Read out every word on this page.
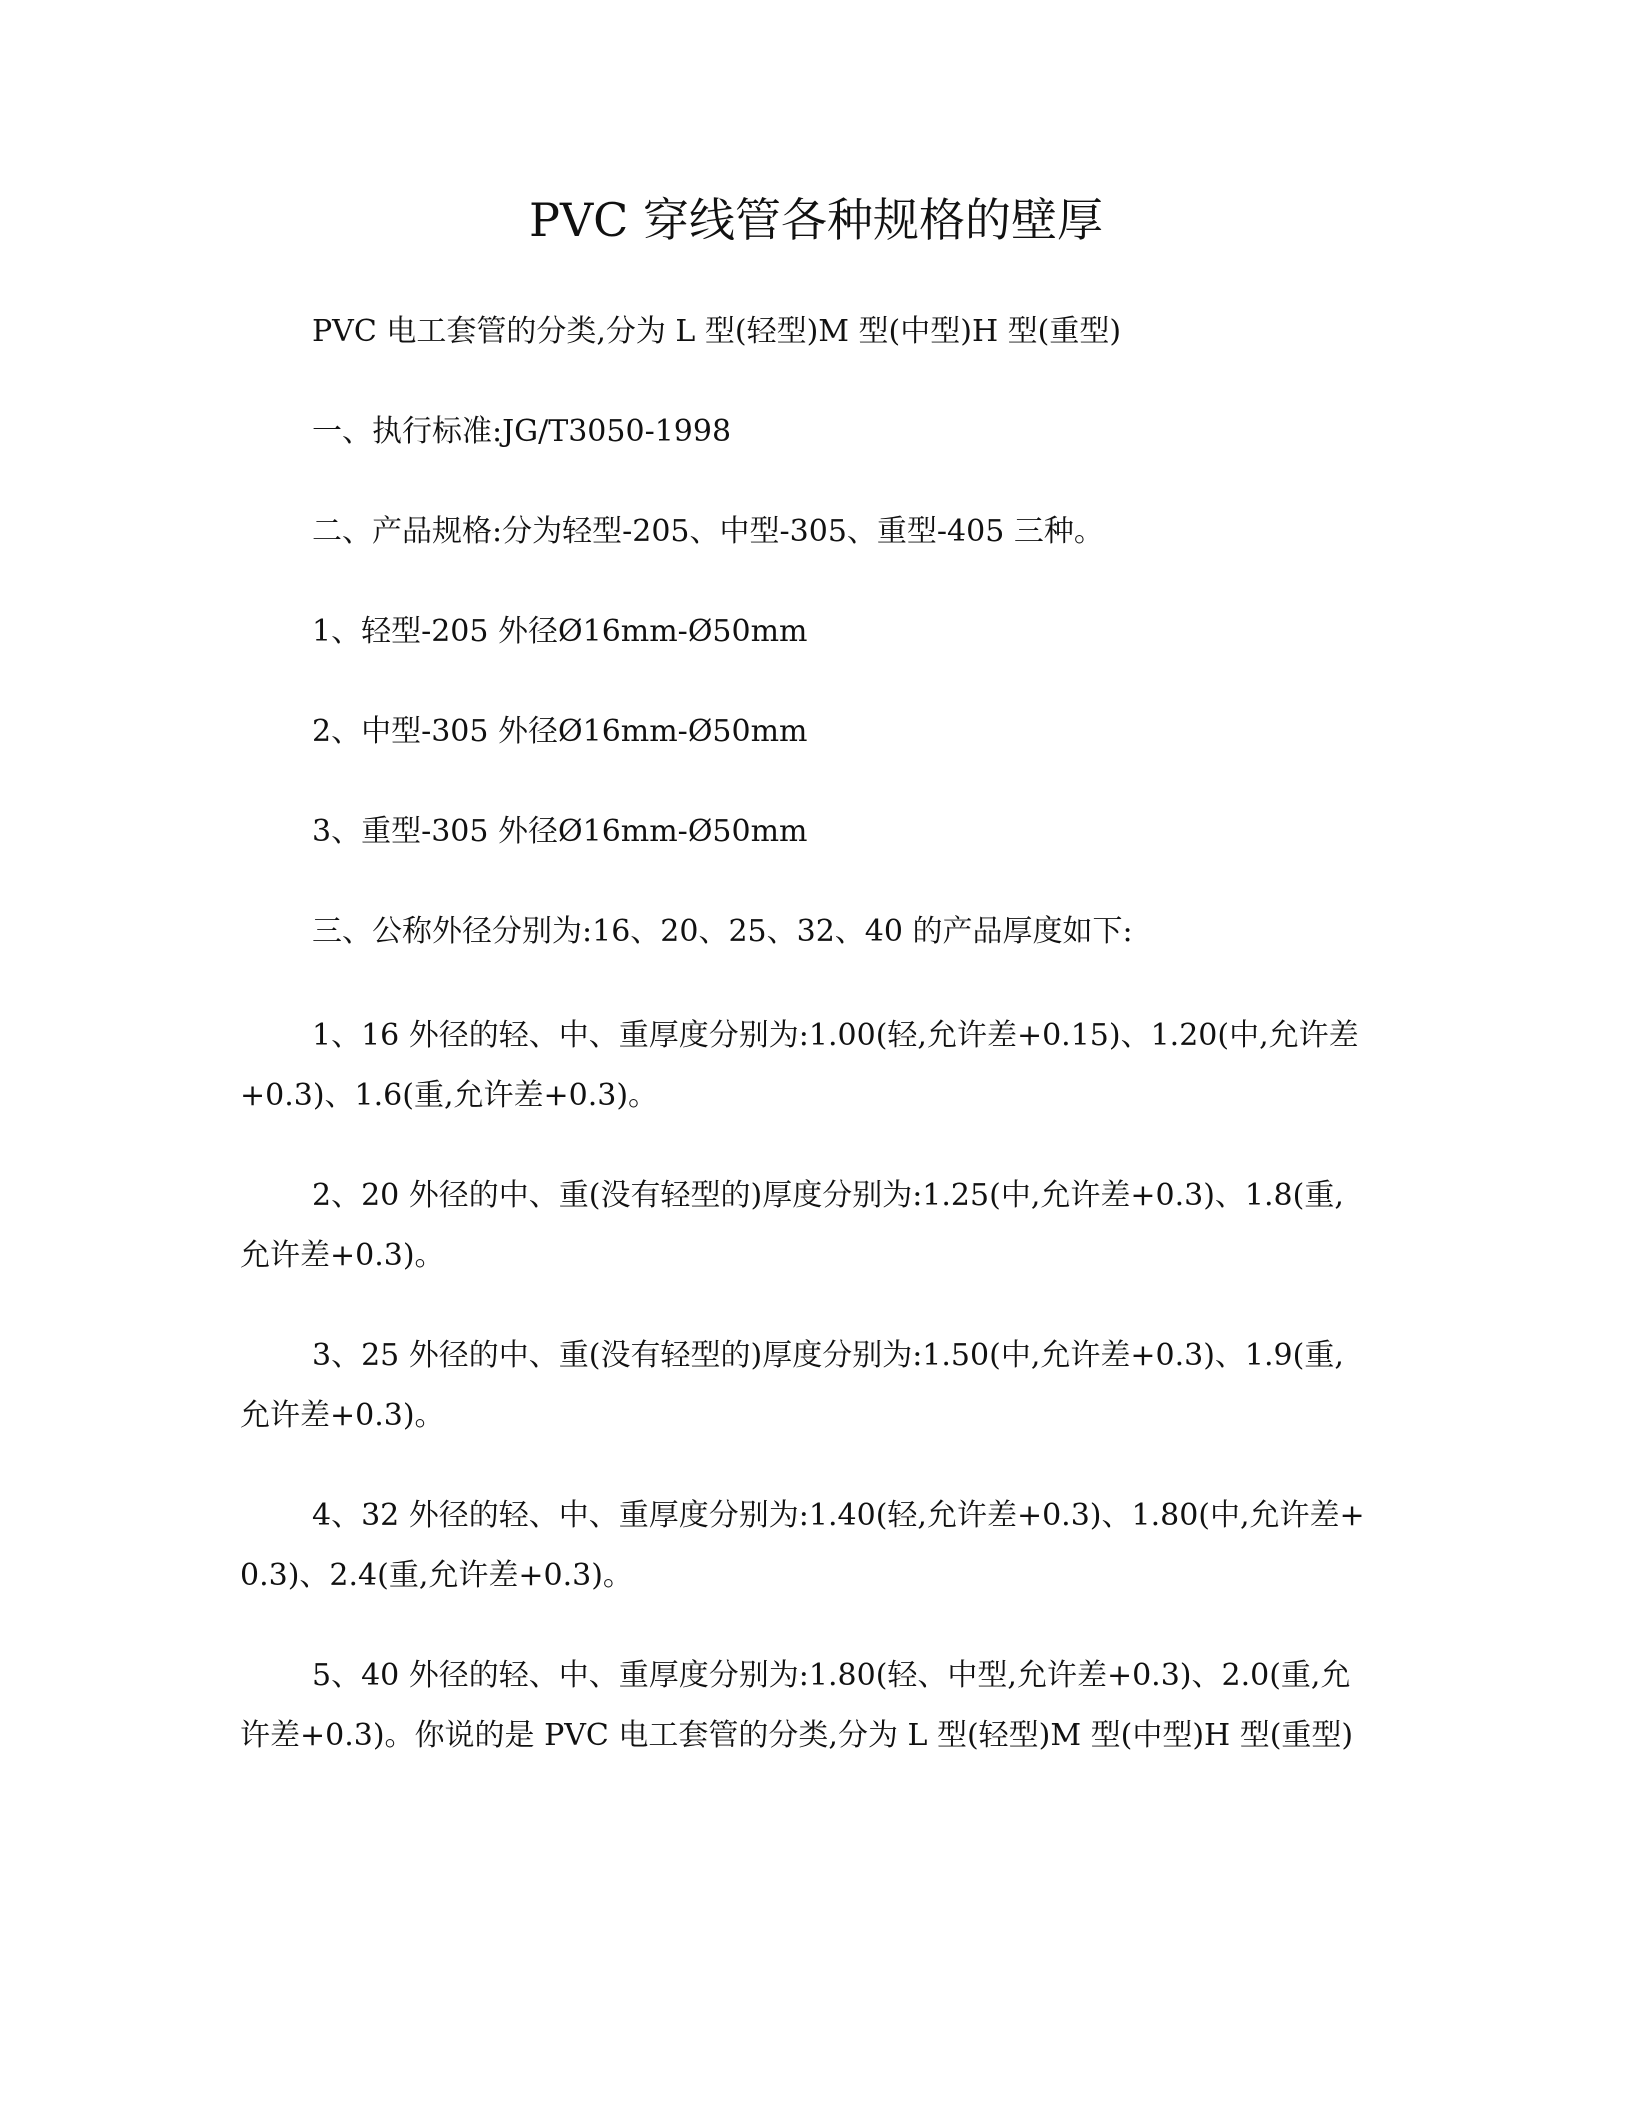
PVC 穿线管各种规格的壁厚
PVC 电工套管的分类,分为 L 型(轻型)M 型(中型)H 型(重型)
一、执行标准:JG/T3050-1998
二、产品规格:分为轻型-205、中型-305、重型-405 三种。
1、轻型-205 外径Ø16mm-Ø50mm
2、中型-305 外径Ø16mm-Ø50mm
3、重型-305 外径Ø16mm-Ø50mm
三、公称外径分别为:16、20、25、32、40 的产品厚度如下:
1、16 外径的轻、中、重厚度分别为:1.00(轻,允许差+0.15)、1.20(中,允许差+0.3)、1.6(重,允许差+0.3)。
2、20 外径的中、重(没有轻型的)厚度分别为:1.25(中,允许差+0.3)、1.8(重,允许差+0.3)。
3、25 外径的中、重(没有轻型的)厚度分别为:1.50(中,允许差+0.3)、1.9(重,允许差+0.3)。
4、32 外径的轻、中、重厚度分别为:1.40(轻,允许差+0.3)、1.80(中,允许差+0.3)、2.4(重,允许差+0.3)。
5、40 外径的轻、中、重厚度分别为:1.80(轻、中型,允许差+0.3)、2.0(重,允许差+0.3)。你说的是 PVC 电工套管的分类,分为 L 型(轻型)M 型(中型)H 型(重型)
